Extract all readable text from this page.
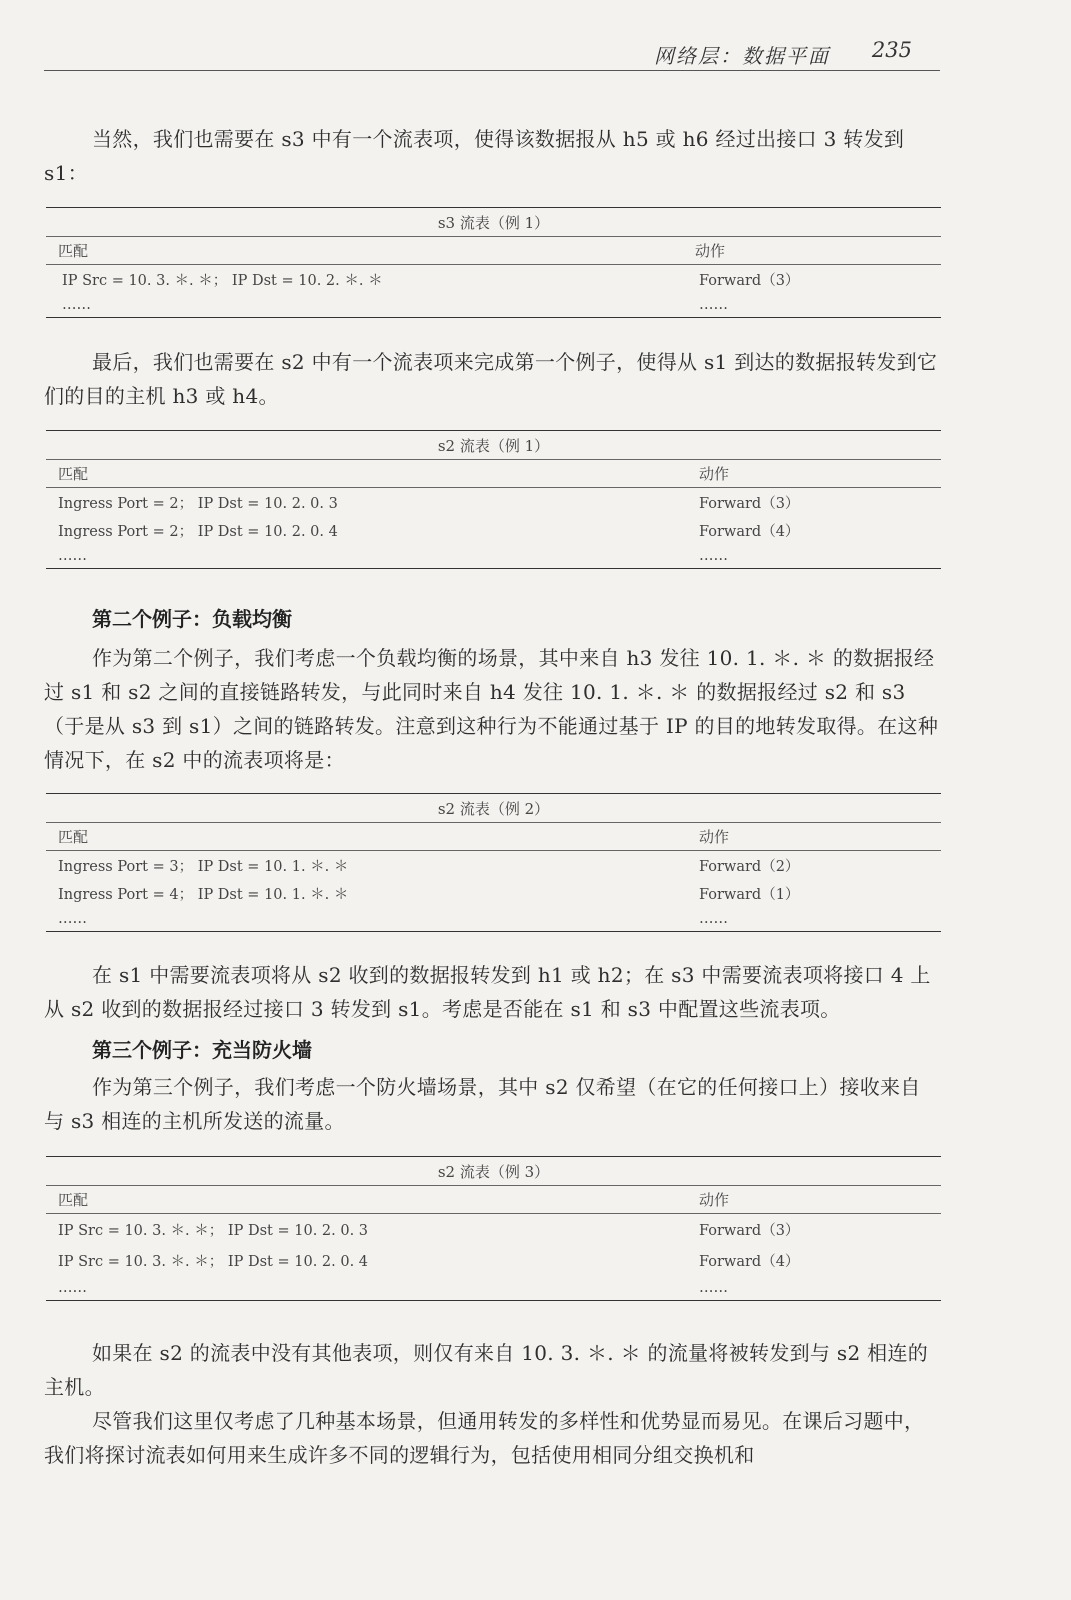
网络层：数据平面 235
当然，我们也需要在 s3 中有一个流表项，使得该数据报从 h5 或 h6 经过出接口 3 转发到 s1：
s3 流表（例 1）	
匹配	动作
IP Src = 10. 3. ＊. ＊； IP Dst = 10. 2. ＊. ＊	Forward（3）
……	……
最后，我们也需要在 s2 中有一个流表项来完成第一个例子，使得从 s1 到达的数据报转发到它们的目的主机 h3 或 h4。
s2 流表（例 1）	
匹配	动作
Ingress Port = 2； IP Dst = 10. 2. 0. 3	Forward（3）
Ingress Port = 2； IP Dst = 10. 2. 0. 4	Forward（4）
……	……
第二个例子：负载均衡
作为第二个例子，我们考虑一个负载均衡的场景，其中来自 h3 发往 10. 1. ＊. ＊ 的数据报经过 s1 和 s2 之间的直接链路转发，与此同时来自 h4 发往 10. 1. ＊. ＊ 的数据报经过 s2 和 s3（于是从 s3 到 s1）之间的链路转发。注意到这种行为不能通过基于 IP 的目的地转发取得。在这种情况下，在 s2 中的流表项将是：
s2 流表（例 2）	
匹配	动作
Ingress Port = 3； IP Dst = 10. 1. ＊. ＊	Forward（2）
Ingress Port = 4； IP Dst = 10. 1. ＊. ＊	Forward（1）
……	……
在 s1 中需要流表项将从 s2 收到的数据报转发到 h1 或 h2；在 s3 中需要流表项将接口 4 上从 s2 收到的数据报经过接口 3 转发到 s1。考虑是否能在 s1 和 s3 中配置这些流表项。
第三个例子：充当防火墙
作为第三个例子，我们考虑一个防火墙场景，其中 s2 仅希望（在它的任何接口上）接收来自与 s3 相连的主机所发送的流量。
s2 流表（例 3）	
匹配	动作
IP Src = 10. 3. ＊. ＊； IP Dst = 10. 2. 0. 3	Forward（3）
IP Src = 10. 3. ＊. ＊； IP Dst = 10. 2. 0. 4	Forward（4）
……	……
如果在 s2 的流表中没有其他表项，则仅有来自 10. 3. ＊. ＊ 的流量将被转发到与 s2 相连的主机。
尽管我们这里仅考虑了几种基本场景，但通用转发的多样性和优势显而易见。在课后习题中，我们将探讨流表如何用来生成许多不同的逻辑行为，包括使用相同分组交换机和
